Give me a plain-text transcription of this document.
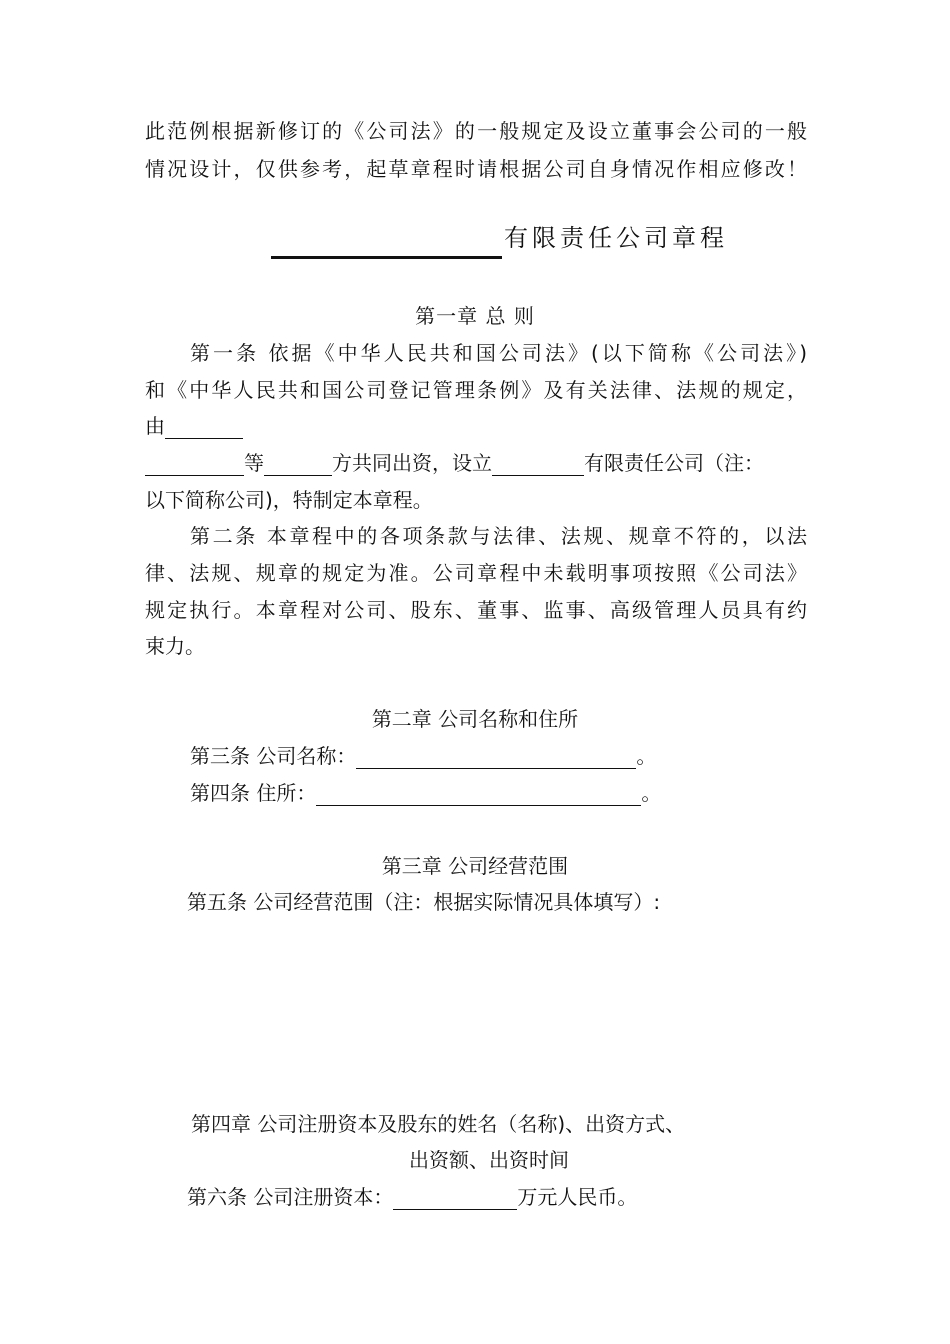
此范例根据新修订的《公司法》的一般规定及设立董事会公司的一般
情况设计，仅供参考，起草章程时请根据公司自身情况作相应修改！
有限责任公司章程
第一章 总 则
第一条 依据《中华人民共和国公司法》(以下简称《公司法》)
和《中华人民共和国公司登记管理条例》及有关法律、法规的规定，
由
等	方共同出资，设立	有限责任公司（注：
以下简称公司)，特制定本章程。
第二条 本章程中的各项条款与法律、法规、规章不符的，以法
律、法规、规章的规定为准。公司章程中未载明事项按照《公司法》
规定执行。本章程对公司、股东、董事、监事、高级管理人员具有约
束力。
第二章 公司名称和住所
第三条 公司名称：	。
第四条 住所：	。
第三章 公司经营范围
第五条 公司经营范围（注：根据实际情况具体填写）:
第四章 公司注册资本及股东的姓名（名称)、出资方式、
出资额、出资时间
第六条 公司注册资本：	万元人民币。
